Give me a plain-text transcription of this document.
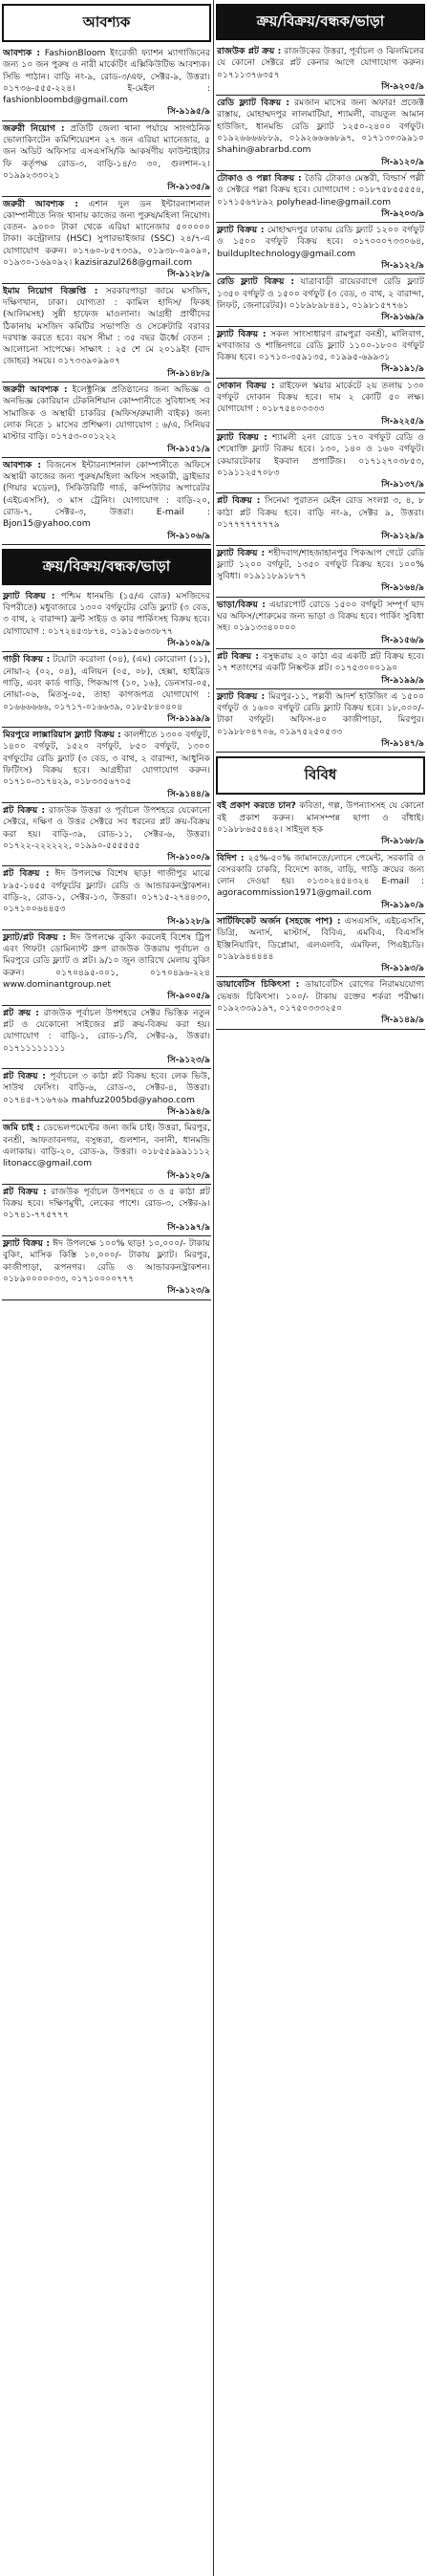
আবশ্যক
আবশ্যক : FashionBloom ইংরেজী ফ্যাশন ম্যাগাজিনের জন্য ১০ জন পুরুষ ও নারী মার্কেটিং এক্সিকিউটিভ আবশ্যক। সিভি পাঠান। বাড়ি নং-৯, রোড-৩/এফ, সেক্টর-৯, উত্তরা। ০১৭৩৬-৫৫৫-২২৪। ই-মেইল : fashionbloombd@gmail.com
সি-৯১৯৫/৯
জরুরী নিয়োগ : প্রতিটি জেলা থানা পর্যায়ে সাংগঠনিক ভোলাকিংটেন কমিশিয়েরশন ২৭ জন এরিয়া ম্যানেজার, ৫ জন অডিট অফিসার এসএসসি/কি আকর্ষণীয় ফাউন্টাইটার ফি কর্তৃপক্ষ রোড-৩, বাড়ি-১৪/৩ ৩০, গুলশান-২। ০১৯৯২৩৩০২১
সি-৯১৩৫/৯
জরুরী আবশ্যক : এশান দুল ডন ইন্টারন্যাশনাল কোম্পানীতে নিজ থানায় কাজের জন্য পুরুষ/মহিলা নিয়োগ। বেতন- ৯০০০ টাকা থেকে এরিয়া ম্যানেজার ৫০০০০০ টাকা। কন্ট্রোলার (HSC) সুপারভাইজার (SSC) ২৪/৭-এ যোগাযোগ করুন। ০১৭৬০-৮৫৭৩৩৯, ০১৯৩৮-০৯০৯০, ০১৯৩০-১৬৯০৯২। kazisirazul268@gmail.com
সি-৯১২৮/৯
ইমাম নিয়োগ বিজ্ঞপ্তি : সরকারপাড়া জামে মসজিদ, দক্ষিণখান, ঢাকা। যোগ্যতা : কামিল হাদিস/ ফিকহ (আলিমসহ) সুন্নী হাফেজ মাওলানা। আগ্রহী প্রার্থীদের ঠিকানায় মসজিদ কমিটির সভাপতি ও সেক্রেটারি বরাবর দরখাস্ত করতে হবে। বয়স সীমা : ৩৫ বছর ঊর্ধ্বে বেতন : আলোচনা সাপেক্ষে। সাক্ষাৎ : ২৫ শে মে ২০১৯ইং (বাদ জোহর) সময়ে। ০১৭৩৩৯০৯৯০৭
সি-৯১৪৮/৯
জরুরী আবশ্যক : ইলেক্ট্রনিক্স প্রতিষ্ঠানের জন্য অভিজ্ঞ ও অনভিজ্ঞ কোরিয়ান টেকনিশিয়ান কোম্পানীতে সুবিধাসহ সব সামাজিক ও অস্থায়ী চাকরির (অফিস/রুমালী বাইক) জন্য লোক নিতে ১ মাসের প্রশিক্ষণ। যোগাযোগ : ৬/এ, সিনিয়র মাস্টার বাড়ি। ০১৭৫৩-০০১২২২
সি-৯১৫১/৯
আবশ্যক : বিজনেস ইন্টারন্যাশনাল কোম্পানীতে অফিসে অস্থায়ী কাজের জন্য পুরুষ/মহিলা অফিস সহকারী, ড্রাইভার (গিয়ার মডেল), সিকিউরিটি গার্ড, কম্পিউটার অপারেটর (এইচএসসি), ৩ মাস ট্রেনিং। যোগাযোগ : বাড়ি-২০, রোড-৭, সেক্টর-৩, উত্তরা। E-mail : Bjon15@yahoo.com
সি-৯১০৬/৯
ক্রয়/বিক্রয়/বন্ধক/ভাড়া
ফ্ল্যাট বিক্রয় : পশ্চিম ধানমন্ডি (১৫/এ রোড) মসজিদের বিপরীতে) মধুবাজারে ১৩০০ বর্গফুটের রেডি ফ্ল্যাট (৩ বেড, ৩ বাথ, ২ বারান্দা) ফ্রন্ট সাইড ও কার পার্কিংসহ বিক্রয় হবে। যোগাযোগ : ০১৭২৪৫৩৮৭৪, ০১৯১৫৬৩৩৮৭৭
সি-৯১০৯/৯
গাড়ী বিক্রয় : টয়োটা করোলা (০৪), (এম) কোরোলা (১১), নোয়া-২ (০২, ০৪), এলিয়ন (০৫, ০৮), হেক্সা, হাইব্রিড গাড়ি, এবং কার্ড গাড়ি, পিকআপ (১০, ১৬), ডেনসার-০৫, নোয়া-০৬, মিতসু-০৫, তাহা কাগজপত্র যোগাযোগ : ০১৬৬৬৬৬৬, ০১৭১৭-০১৬৬৩৯, ০১৮৫৮৪০৪০৪
সি-৯১৯৯/৯
মিরপুরে লাক্সারিয়াস ফ্ল্যাট বিক্রয় : কালশীতে ১৩০০ বর্গফুট, ১৪০০ বর্গফুট, ১৫২০ বর্গফুট, ৮৫০ বর্গফুট, ১৩০০ বর্গফুটের রেডি ফ্ল্যাট (৩ বেড, ৩ বাথ, ২ বারান্দা, আধুনিক ফিটিংস) বিক্রয় হবে। আগ্রহীরা যোগাযোগ করুন। ০১৭১০-৩১৭৪২৯, ০১৮৩৩৫৬৭০৫
সি-৯১৪৪/৯
প্লট বিক্রয় : রাজউক উত্তরা ও পূর্বাচল উপশহরে যেকোনো সেক্টরে, দক্ষিণ ও উত্তর সেক্টরে সব ধরনের প্লট ক্রয়-বিক্রয় করা হয়। বাড়ি-৩৯, রোড-১১, সেক্টর-৬, উত্তরা। ০১৭২২-২২২২২২, ০১৯৯০-৫৫৫৫৫৫
সি-৯১০০/৯
প্লট বিক্রয় : ঈদ উপলক্ষে বিশেষ ছাড়! গাজীপুর মাঝে ৮৯৫-১৪৫৫ বর্গফুটের ফ্ল্যাট। রেডি ও আন্ডারকনস্ট্রাকশন। বাড়ি-২, রোড-১, সেক্টর-১৩, উত্তরা। ০১৭১৫-২৭৪৪৩৩, ০১৭১০০৬৪৪৫৩
সি-৯১২৮/৯
ফ্ল্যাট/প্লট বিক্রয় : ঈদ উপলক্ষে বুকিং করলেই বিশেষ ট্রিপ এবং গিফট! ডোমিন্যান্ট গ্রুপ রাজউক উত্তরায় পূর্বাচল ও মিরপুরে রেডি ফ্ল্যাট ও প্লট। ৯/১০ জুন তারিখে মেলায় বুকিং করুন। ০১৭০৪৯৫-০০১, ০১৭০৪৯৬-২২৪ www.dominantgroup.net
সি-৯০০৫/৯
প্লট ক্রয় : রাজউক পূর্বাচল উপশহরে সেক্টর ভিত্তিক নতুন প্লট ও যেকোনো সাইজের প্লট ক্রয়-বিক্রয় করা হয়। যোগাযোগ : বাড়ি-১, রোড-১/বি, সেক্টর-৯, উত্তরা। ০১৭১১১১১১১১
সি-৯১২৩/৯
প্লট বিক্রয় : পূর্বাচলে ৩ কাঠা প্লট বিক্রয় হবে। লেক ভিউ, সাউথ ফেসিং। বাড়ি-৬, রোড-৩, সেক্টর-৪, উত্তরা। ০১৭৪৫-৭১৬৭৬৯ mahfuz2005bd@yahoo.com
সি-৯১৯৪/৯
জমি চাই : ডেভেলপমেন্টের জন্য জমি চাই। উত্তরা, মিরপুর, বনশ্রী, আফতাবনগর, বসুন্ধরা, গুলশান, বনানী, ধানমন্ডি এলাকায়। বাড়ি-২০, রোড-৯, উত্তরা। ০১৮৫৫৯৯৯১১১২ litonacc@gmail.com
সি-৯১২০/৯
প্লট বিক্রয় : রাজউক পূর্বাচল উপশহরে ৩ ও ৫ কাঠা প্লট বিক্রয় হবে। দক্ষিণমুখী, লেকের পাশে। রোড-৩, সেক্টর-৯। ০১৭৪১-৭৭৫৭৭৭
সি-৯১৯৭/৯
ফ্ল্যাট বিক্রয় : ঈদ উপলক্ষে ১০০% ছাড়! ১০,০০০/- টাকায় বুকিং, মাসিক কিস্তি ১০,০০০/- টাকায় ফ্ল্যাট। মিরপুর, কাজীপাড়া, রূপনগর। রেডি ও আন্ডারকনস্ট্রাকশন। ০১৮৯০০০০০৩৩, ০১৭১০০০০৭৭৭
সি-৯১২৩/৯
ক্রয়/বিক্রয়/বন্ধক/ভাড়া
রাজউক প্লট ক্রয় : রাজউকের উত্তরা, পূর্বাচল ও ঝিলমিলের যে কোনো সেক্টরে প্লট কেনার আগে যোগাযোগ করুন। ০১৭১১৩৭৬৩৫৭
সি-৯২০৫/৯
রেডি ফ্ল্যাট বিক্রয় : রমজান মাসের জন্য অফার! প্রজেক্ট রাস্তায়, মোহাম্মদপুর লালমাটিয়া, শ্যামলী, বায়তুল আমান হাউজিং, ধানমন্ডি রেডি ফ্ল্যাট ১২৫০-২৪০০ বর্গফুট। ০১৯২৬৬৬৬৮৮৯, ০১৯২৬৬৬৬৮৯৭, ০১৭১৩০৩৯৯১০ shahin@abrarbd.com
সি-৯১২০/৯
টোকাও ও পল্লা বিক্রয় : তৈরি টোকাও মেস্তরী, বিল্ডার্স পল্লী ও সেক্টরে পল্লা বিক্রয় হবে। যোগাযোগ : ০১৮৭৫৮৫৫৫৫৪, ০১৭১৫৬৭৮৯২ polyhead-line@gmail.com
সি-৯২০৩/৯
ফ্ল্যাট বিক্রয় : মোহাম্মদপুর ঢাকায় রেডি ফ্ল্যাট ১২০০ বর্গফুট ও ১৫০০ বর্গফুট বিক্রয় হবে। ০১৭০০০৭৩৩০৬৪, buildupltechnology@gmail.com
সি-৯১২২/৯
রেডি ফ্ল্যাট বিক্রয় : যাত্রাবাড়ী রায়েরবাগে রেডি ফ্ল্যাট ১৩৫০ বর্গফুট ও ১৫০০ বর্গফুট (৩ বেড, ৩ বাথ, ২ বারান্দা, লিফট, জেনারেটর)। ০১৮৯৮৯৮৪৪১, ০১৯৮১৫৭৭৬১
সি-৯১৬৯/৯
ফ্ল্যাট বিক্রয় : সকল সাংসাধারণ রামপুরা বনশ্রী, মালিবাগ, মগবাজার ও শান্তিনগরে রেডি ফ্ল্যাট ১১০০-১৮০০ বর্গফুট বিক্রয় হবে। ০১৭১০-৩৫৯১৩৫, ০১৯৯৫-৬৯৯৩১
সি-৯১৯১/৯
দোকান বিক্রয় : রাইফেল স্কয়ার মার্কেটে ২য় তলায় ১৩০ বর্গফুট দোকান বিক্রয় হবে। দাম ২ কোটি ৫০ লক্ষ। যোগাযোগ : ০১৮৭৫৪০৩৩৩৩
সি-৯২২৫/৯
ফ্ল্যাট বিক্রয় : শ্যামলী ২নং রোডে ১৭০ বর্গফুট রেডি ও শেষোক্তি ফ্ল্যাট বিক্রয় হবে। ১৩০, ১৪০ ও ১৬০ বর্গফুট। কেয়ারটেকার ইকবাল প্রপার্টিজ। ০১৭১২৭০৩৮৫৩, ০১৯১১২৫৭০৮৩
সি-৯১৩৭/৯
প্লট বিক্রয় : সিনেমা পুরাতন মেইন রোড সংলগ্ন ৩, ৪, ৮ কাঠা প্লট বিক্রয় হবে। বাড়ি নং-৯, সেক্টর ৯, উত্তরা। ০১৭৭৭৭৭৭৭৭৯
সি-৯১২৯/৯
ফ্ল্যাট বিক্রয় : শহীদবাগ/শাহজাহানপুর পিকআপ গেটে রেডি ফ্ল্যাট ১২০০ বর্গফুট, ১৩৫০ বর্গফুট বিক্রয় হবে। ১০০% সুবিধা। ০১৯১১৮৯১৮৭৭
সি-৯১৬৪/৯
ভাড়া/বিক্রয় : এয়ারপোর্ট রোডে ১৫০০ বর্গফুট সম্পূর্ণ ছাদ ঘর অফিস/শোরুমের জন্য ভাড়া ও বিক্রয় হবে। পার্কিং সুবিধা সহ। ০১৯১৩৩৪০০০০
সি-৯১৫৬/৯
প্লট বিক্রয় : বসুন্ধরায় ২০ কাঠা এর একটি প্লট বিক্রয় হবে। ১৭ শতাংশের একটি নিষ্কণ্টক প্লট। ০১৭৫৩০০০১৯০
সি-৯১৯৯/৯
ফ্ল্যাট বিক্রয় : মিরপুর-১১, পল্লবী আদর্শ হাউজিং এ ১৫০০ বর্গফুট ও ১৬০০ বর্গফুট রেডি ফ্ল্যাট বিক্রয় হবে। ১৮,০০০/- টাকা বর্গফুট। অফিস-৪০ কাজীপাড়া, মিরপুর। ০১৯৮৮০৪৭০৬, ০১৯৭৫২৫০৫৩৩
সি-৯১৪৭/৯
বিবিধ
বই প্রকাশ করতে চান? কবিতা, গল্প, উপন্যাসসহ যে কোনো বই প্রকাশ করুন। মানসম্পন্ন ছাপা ও বাঁধাই। ০১৯৮৮৬৫৫৪৪২। সাইদুল হক
সি-৯১৬৮/৯
বিদিশ : ২৫%-৫০% জামানতে/লোনে পেমেন্ট, সরকারি ও বেসরকারি চাকরি, বিদেশে কাজ, বাড়ি, গাড়ি ক্রয়ের জন্য লোন দেওয়া হয়। ০১৩০২৪৫৪৩২৪ E-mail : agoracommission1971@gmail.com
সি-৯১৯০/৯
সার্টিফিকেট অর্জন (সহজে পাশ) : এসএসসি, এইচএসসি, ডিগ্রি, অনার্স, মাস্টার্স, বিবিএ, এমবিএ, বিএসসি ইঞ্জিনিয়ারিং, ডিপ্লোমা, এলএলবি, এমফিল, পিএইচডি। ০১৯৮৯৪৪৪৪৪
সি-৯১৯৩/৯
ডায়াবেটিস চিকিৎসা : ডায়াবেটিস রোগের নিরাময়যোগ্য ভেষজ চিকিৎসা। ১০০/- টাকায় রক্তের শর্করা পরীক্ষা। ০১৯২৩৩৯১৯৭, ০১৭৫০৩৩৩২৫০
সি-৯১৪৯/৯
